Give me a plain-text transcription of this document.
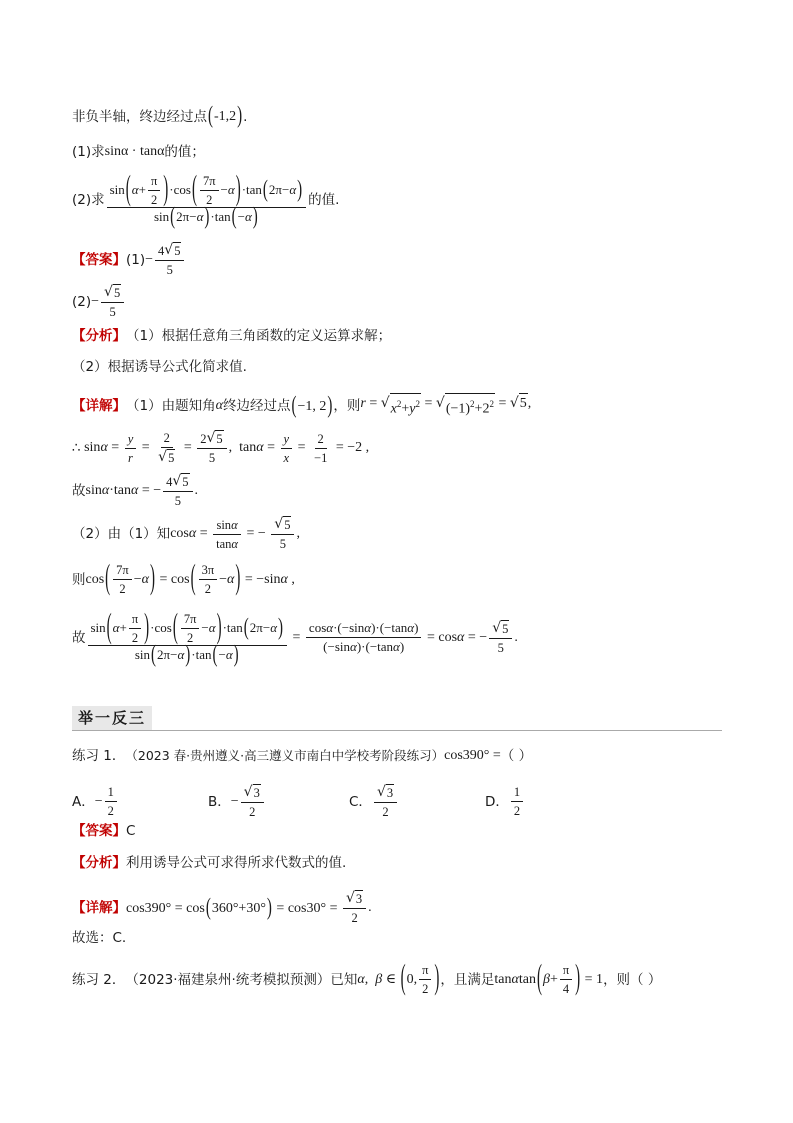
非负半轴，终边经过点 (-1,2) .
(1)求 sinα · tanα 的值；
(2)求 $\frac{\sin ( \alpha + \frac{\pi}{2} ) \cdot\cos ( \frac{7\pi}{2} - \alpha ) \cdot\tan ( 2\pi- \alpha )}{\sin ( 2\pi- \alpha ) \cdot\tan ( - \alpha )}$ 的值.
【答案】 $(1) - \frac{4 √ 5}{5}$
$(2) - \frac{√ 5}{5}$
【分析】 （1）根据任意角三角函数的定义运算求解；
（2）根据诱导公式化简求值.
【详解】 （1）由题知角 α 终边经过点 (−1, 2) ，则 r = √ $x^2+y^2$ = √ $(-1)^2+2^2$ = √ 5 ,
∴ $\sin\alpha = \frac{y}{r} = \frac{2}{√ 5} = \frac{2 √ 5}{5}$ ,  $\tan\alpha = \frac{y}{x} = \frac{2}{-1} = -2$ ,
故 sinα·tanα = − $\frac{4 √ 5}{5}$ .
（2）由（1）知 $\cos\alpha = \frac{\text{sin α}}{\text{tan α}}$ = − $\frac{√ 5}{5}$ ,
则 $\cos( \frac{7\pi}{2} -\alpha) = \cos( \frac{3\pi}{2} -\alpha) = -\sin\alpha$ ,
故 $\frac{\sin ( \alpha + \frac{\pi}{2} ) \cdot\cos ( \frac{7\pi}{2} - \alpha ) \cdot\tan ( 2\pi- \alpha )}{\sin ( 2\pi- \alpha ) \cdot\tan ( - \alpha )} = \frac{\text{cos α ·(−sin α )·(−tan α )}}{\text{(−sin α )·(−tan α )}} = \cos\alpha$ = − $\frac{√ 5}{5}$ .
举一反三
练习 1． （2023 春·贵州遵义·高三遵义市南白中学校考阶段练习） cos390° = （ ）
A． − $\frac{1}{2}$	B． − $\frac{√ 3}{2}$	C． $\frac{√ 3}{2}$	D． $\frac{1}{2}$
【答案】 C
【分析】 利用诱导公式可求得所求代数式的值.
【详解】 $\cos 390^\circ = \cos(360^\circ+30^\circ) = \cos 30^\circ = \frac{√ 3}{2}$ .
故选：C.
练习 2． （2023·福建泉州·统考模拟预测）已知 α ,  β ∈ (0, $\frac{\pi}{2}$ ) ，且满足 $\tan\alpha\tan(\beta+ \frac{\pi}{4}$ ) = 1 ，则（ ）
